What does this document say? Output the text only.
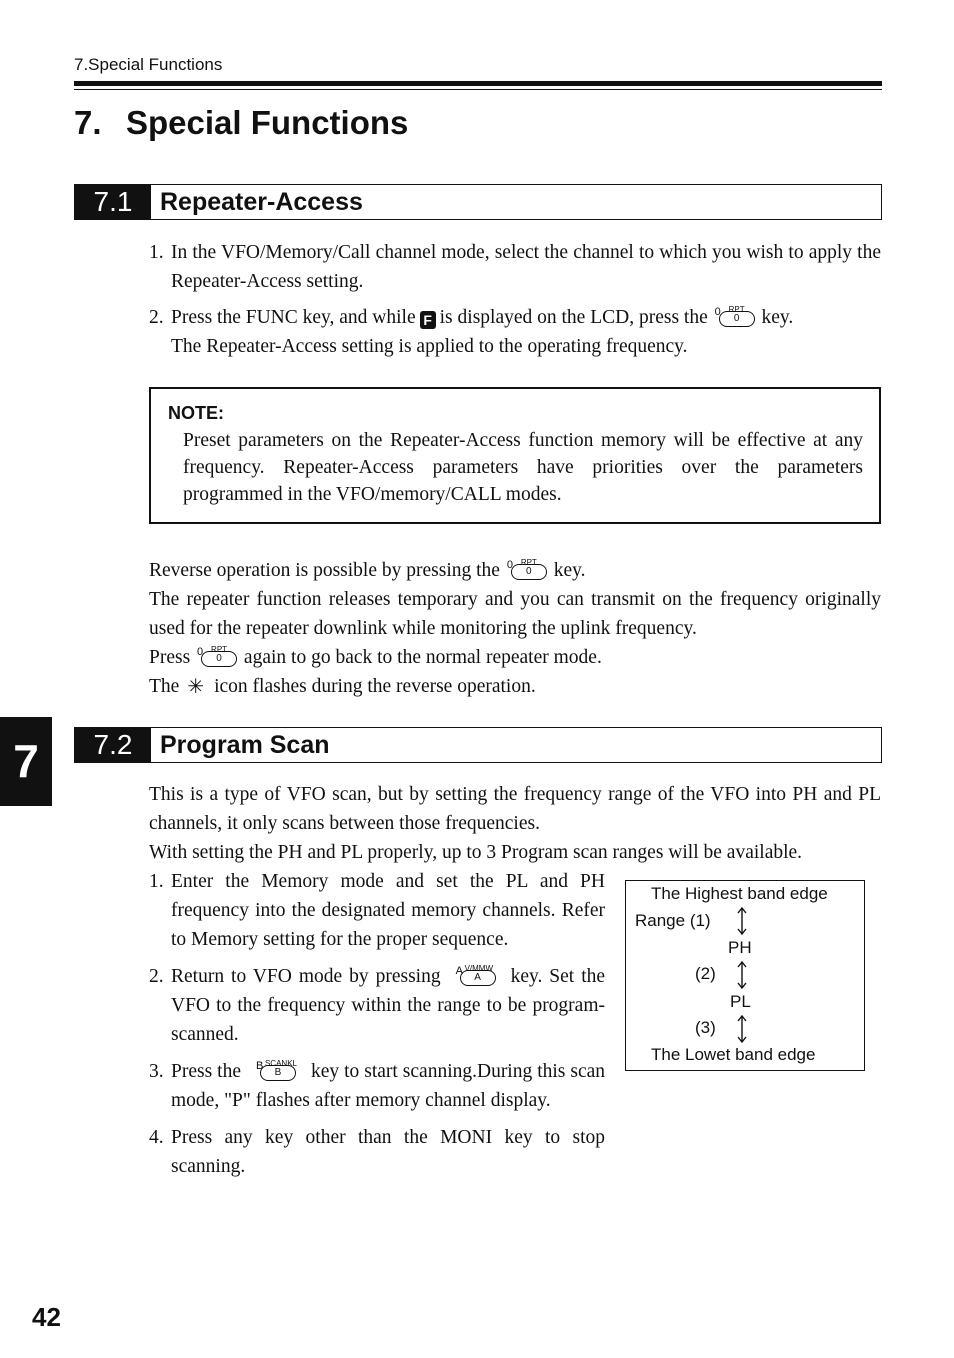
7.Special Functions
7. Special Functions
7.1	Repeater-Access
1. In the VFO/Memory/Call channel mode, select the channel to which you wish to apply the Repeater-Access setting.
2. Press the FUNC key, and while F is displayed on the LCD, press the 0 RPT
0	key.
The Repeater-Access setting is applied to the operating frequency.
NOTE:
Preset parameters on the Repeater-Access function memory will be effective at any frequency. Repeater-Access parameters have priorities over the parameters programmed in the VFO/memory/CALL modes.
Reverse operation is possible by pressing the 0 RPT
0	key.
The repeater function releases temporary and you can transmit on the frequency originally used for the repeater downlink while monitoring the uplink frequency.
Press 0 RPT
0	again to go back to the normal repeater mode.
The ✳ icon flashes during the reverse operation.
7	7.2	Program Scan
This is a type of VFO scan, but by setting the frequency range of the VFO into PH and PL channels, it only scans between those frequencies.
With setting the PH and PL properly, up to 3 Program scan ranges will be available.
1. Enter the Memory mode and set the PL and PH frequency into the designated memory channels. Refer to Memory setting for the proper sequence.
2. Return to VFO mode by pressing A V/MMW
A	key. Set the VFO to the frequency within the range to be program-scanned.
3. Press the B SCANKL
B	key to start scanning.During this scan mode, "P" flashes after memory channel display.
4. Press any key other than the MONI key to stop scanning.
The Highest band edge
Range (1)
PH
(2)
PL
(3)
The Lowet band edge
42
